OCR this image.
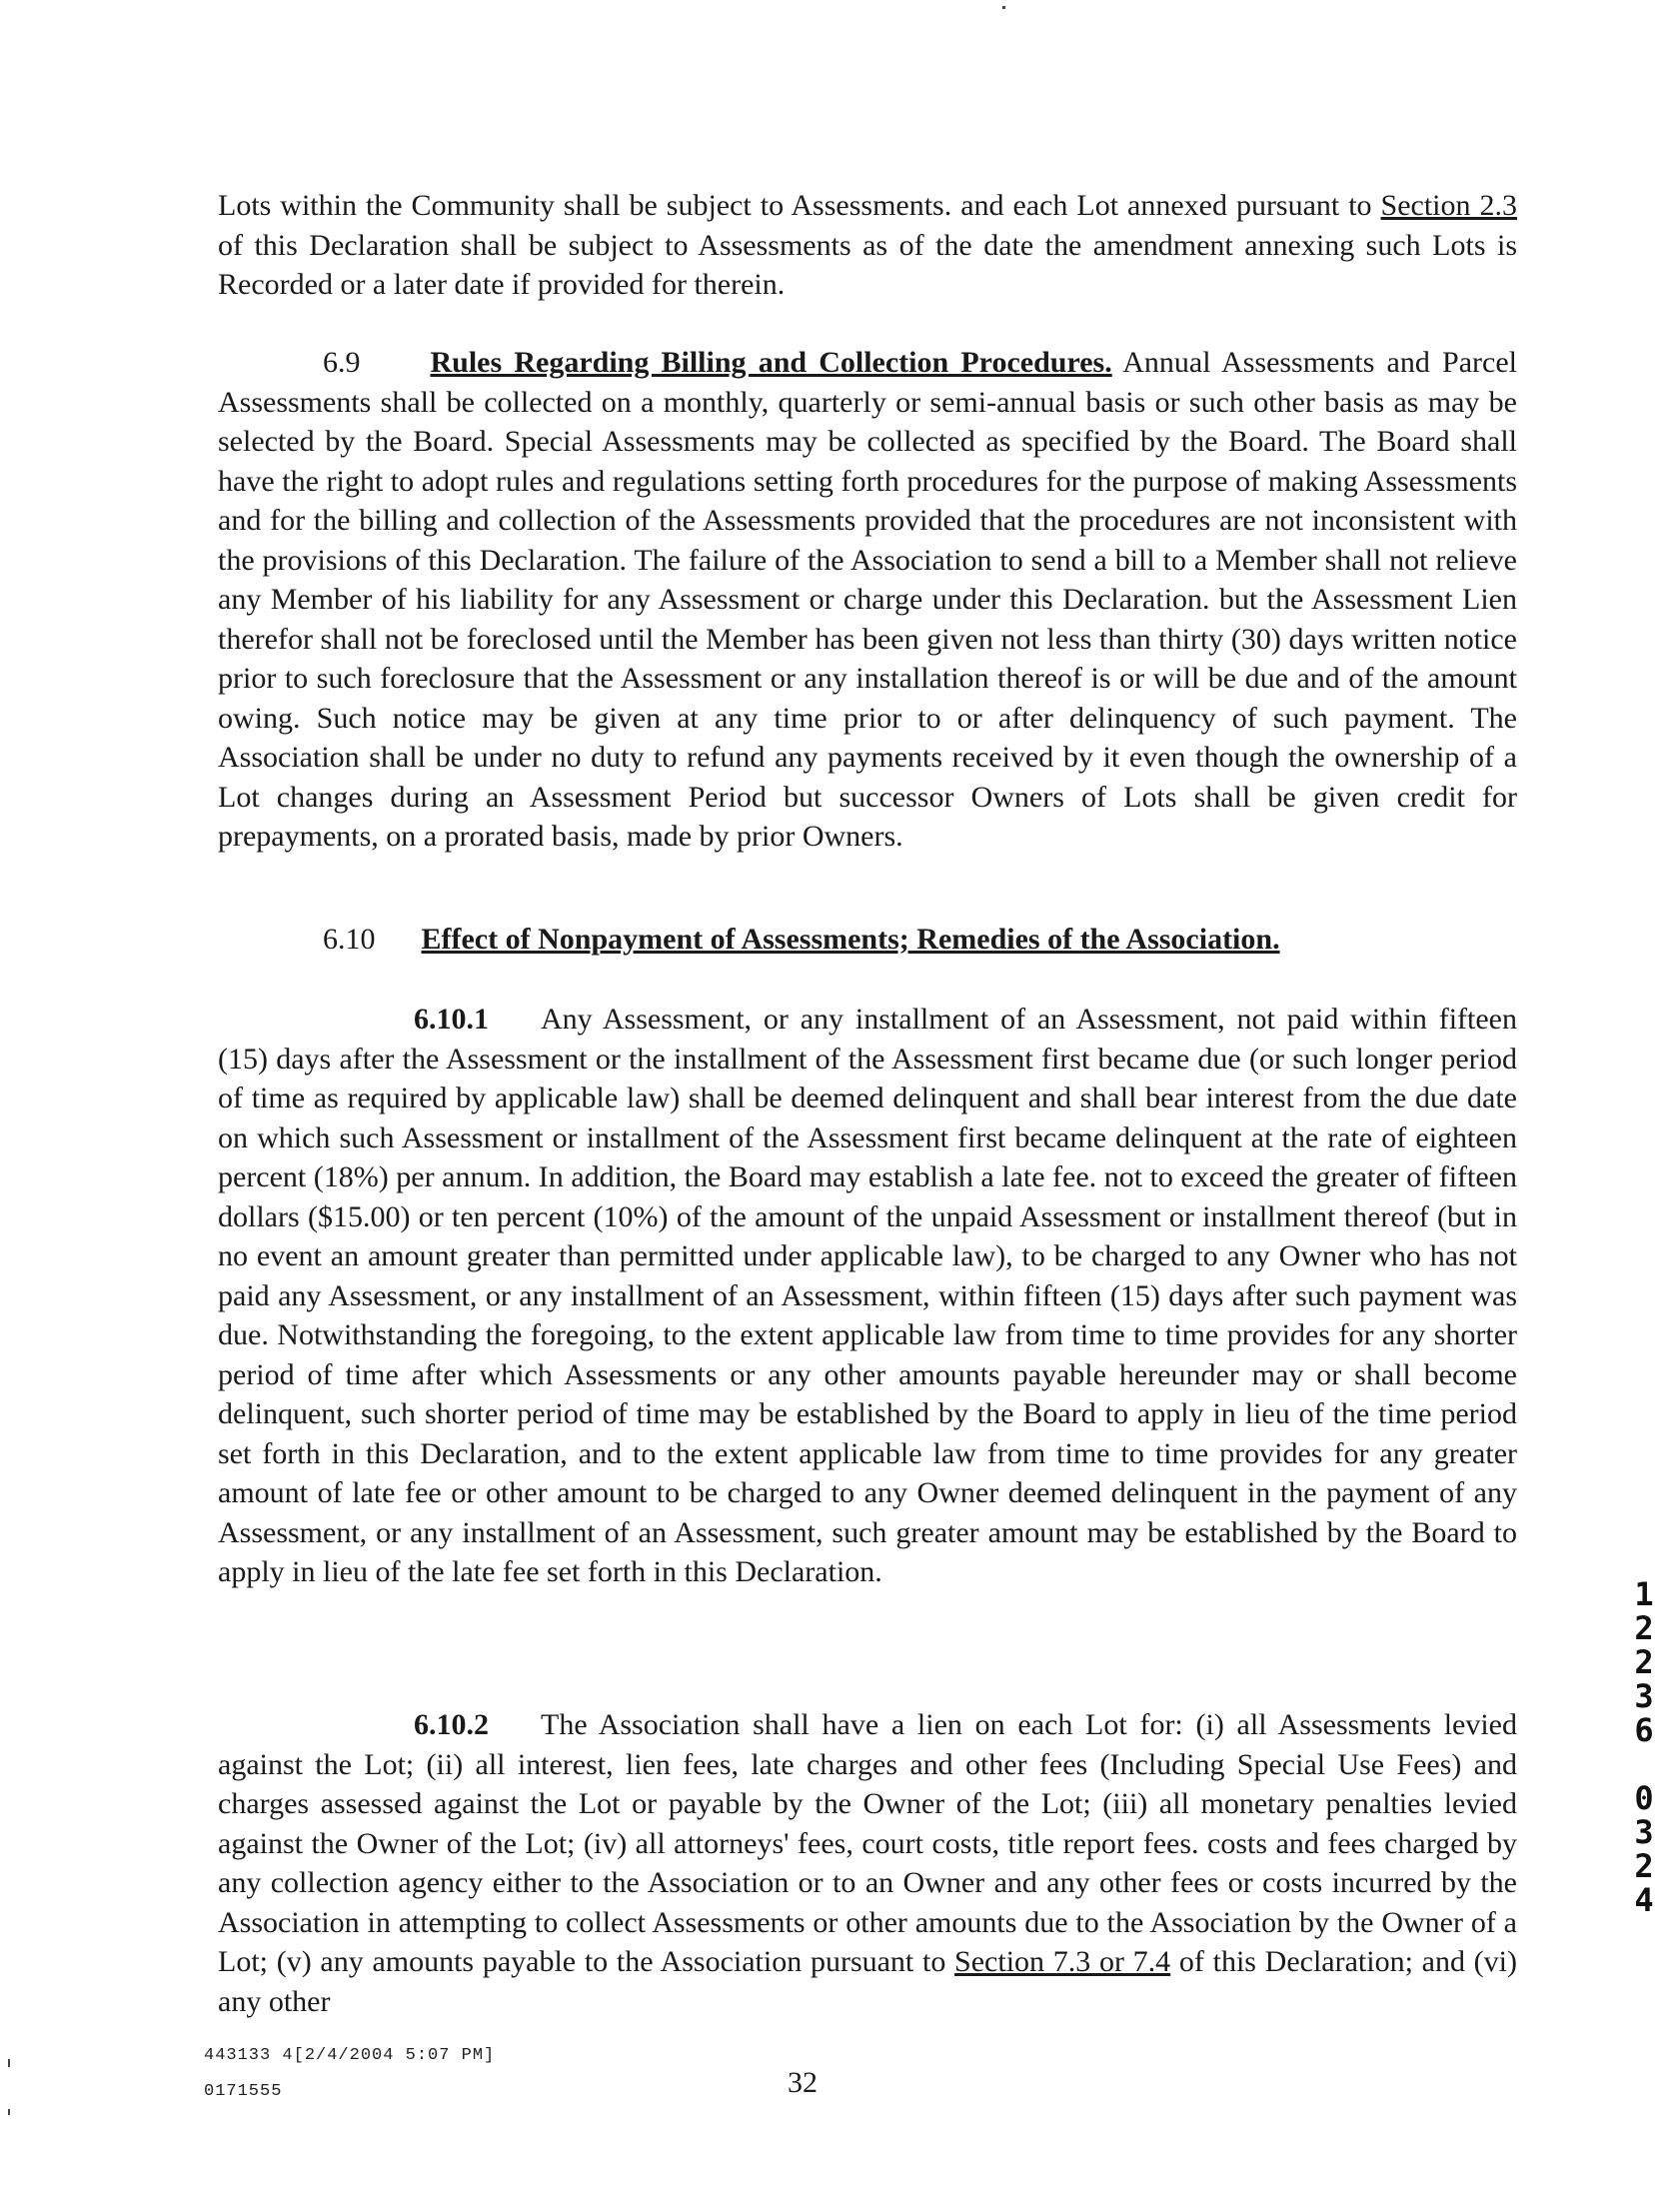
Lots within the Community shall be subject to Assessments. and each Lot annexed pursuant to Section 2.3 of this Declaration shall be subject to Assessments as of the date the amendment annexing such Lots is Recorded or a later date if provided for therein.

6.9 Rules Regarding Billing and Collection Procedures. Annual Assessments and Parcel Assessments shall be collected on a monthly, quarterly or semi-annual basis or such other basis as may be selected by the Board. Special Assessments may be collected as specified by the Board. The Board shall have the right to adopt rules and regulations setting forth procedures for the purpose of making Assessments and for the billing and collection of the Assessments provided that the procedures are not inconsistent with the provisions of this Declaration. The failure of the Association to send a bill to a Member shall not relieve any Member of his liability for any Assessment or charge under this Declaration. but the Assessment Lien therefor shall not be foreclosed until the Member has been given not less than thirty (30) days written notice prior to such foreclosure that the Assessment or any installation thereof is or will be due and of the amount owing. Such notice may be given at any time prior to or after delinquency of such payment. The Association shall be under no duty to refund any payments received by it even though the ownership of a Lot changes during an Assessment Period but successor Owners of Lots shall be given credit for prepayments, on a prorated basis, made by prior Owners.

6.10 Effect of Nonpayment of Assessments; Remedies of the Association.

6.10.1 Any Assessment, or any installment of an Assessment, not paid within fifteen (15) days after the Assessment or the installment of the Assessment first became due (or such longer period of time as required by applicable law) shall be deemed delinquent and shall bear interest from the due date on which such Assessment or installment of the Assessment first became delinquent at the rate of eighteen percent (18%) per annum. In addition, the Board may establish a late fee. not to exceed the greater of fifteen dollars ($15.00) or ten percent (10%) of the amount of the unpaid Assessment or installment thereof (but in no event an amount greater than permitted under applicable law), to be charged to any Owner who has not paid any Assessment, or any installment of an Assessment, within fifteen (15) days after such payment was due. Notwithstanding the foregoing, to the extent applicable law from time to time provides for any shorter period of time after which Assessments or any other amounts payable hereunder may or shall become delinquent, such shorter period of time may be established by the Board to apply in lieu of the time period set forth in this Declaration, and to the extent applicable law from time to time provides for any greater amount of late fee or other amount to be charged to any Owner deemed delinquent in the payment of any Assessment, or any installment of an Assessment, such greater amount may be established by the Board to apply in lieu of the late fee set forth in this Declaration.

6.10.2 The Association shall have a lien on each Lot for: (i) all Assessments levied against the Lot; (ii) all interest, lien fees, late charges and other fees (Including Special Use Fees) and charges assessed against the Lot or payable by the Owner of the Lot; (iii) all monetary penalties levied against the Owner of the Lot; (iv) all attorneys' fees, court costs, title report fees. costs and fees charged by any collection agency either to the Association or to an Owner and any other fees or costs incurred by the Association in attempting to collect Assessments or other amounts due to the Association by the Owner of a Lot; (v) any amounts payable to the Association pursuant to Section 7.3 or 7.4 of this Declaration; and (vi) any other

443133 4[2/4/2004 5:07 PM]
0171555	32
1
2
2
3
6
0
3
2
4
